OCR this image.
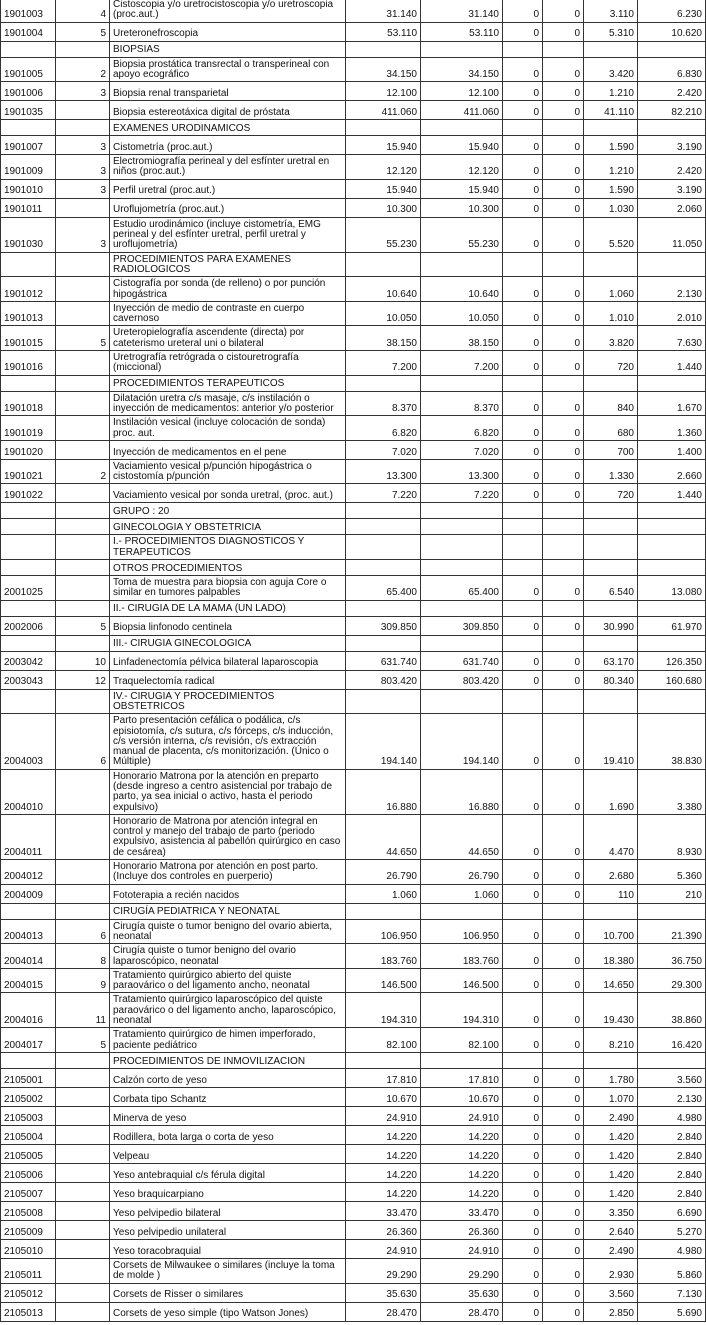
1901003	4	Cistoscopia y/o uretrocistoscopia y/o uretroscopia (proc.aut.)	31.140	31.140	0	0	3.110	6.230
1901004	5	Ureteronefroscopia	53.110	53.110	0	0	5.310	10.620
		BIOPSIAS						
1901005	2	Biopsia prostática transrectal o transperineal con apoyo ecográfico	34.150	34.150	0	0	3.420	6.830
1901006	3	Biopsia renal transparietal	12.100	12.100	0	0	1.210	2.420
1901035		Biopsia estereotáxica digital de próstata	411.060	411.060	0	0	41.110	82.210
		EXAMENES URODINAMICOS						
1901007	3	Cistometría (proc.aut.)	15.940	15.940	0	0	1.590	3.190
1901009	3	Electromiografía perineal y del esfínter uretral en niños (proc.aut.)	12.120	12.120	0	0	1.210	2.420
1901010	3	Perfil uretral (proc.aut.)	15.940	15.940	0	0	1.590	3.190
1901011		Uroflujometría (proc.aut.)	10.300	10.300	0	0	1.030	2.060
1901030	3	Estudio urodinámico (incluye cistometría, EMG perineal y del esfínter uretral, perfil uretral y uroflujometría)	55.230	55.230	0	0	5.520	11.050
		PROCEDIMIENTOS PARA EXAMENES RADIOLOGICOS						
1901012		Cistografía por sonda (de relleno) o por punción hipogástrica	10.640	10.640	0	0	1.060	2.130
1901013		Inyección de medio de contraste en cuerpo cavernoso	10.050	10.050	0	0	1.010	2.010
1901015	5	Ureteropielografía ascendente (directa) por cateterismo ureteral uni o bilateral	38.150	38.150	0	0	3.820	7.630
1901016		Uretrografía retrógrada o cistouretrografía (miccional)	7.200	7.200	0	0	720	1.440
		PROCEDIMIENTOS TERAPEUTICOS						
1901018		Dilatación uretra c/s masaje, c/s instilación o inyección de medicamentos: anterior y/o posterior	8.370	8.370	0	0	840	1.670
1901019		Instilación vesical (incluye colocación de sonda) proc. aut.	6.820	6.820	0	0	680	1.360
1901020		Inyección de medicamentos en el pene	7.020	7.020	0	0	700	1.400
1901021	2	Vaciamiento vesical p/punción hipogástrica o cistostomía p/punción	13.300	13.300	0	0	1.330	2.660
1901022		Vaciamiento vesical por sonda uretral, (proc. aut.)	7.220	7.220	0	0	720	1.440
		GRUPO : 20						
		GINECOLOGIA Y OBSTETRICIA						
		I.- PROCEDIMIENTOS DIAGNOSTICOS Y TERAPEUTICOS						
		OTROS PROCEDIMIENTOS						
2001025		Toma de muestra para biopsia con aguja Core o similar en tumores palpables	65.400	65.400	0	0	6.540	13.080
		II.- CIRUGIA DE LA MAMA (UN LADO)						
2002006	5	Biopsia linfonodo centinela	309.850	309.850	0	0	30.990	61.970
		III.- CIRUGIA GINECOLOGICA						
2003042	10	Linfadenectomía pélvica bilateral laparoscopia	631.740	631.740	0	0	63.170	126.350
2003043	12	Traquelectomía radical	803.420	803.420	0	0	80.340	160.680
		IV.- CIRUGIA Y PROCEDIMIENTOS OBSTETRICOS						
2004003	6	Parto presentación cefálica o podálica, c/s episiotomía, c/s sutura, c/s fórceps, c/s inducción, c/s versión interna, c/s revisión, c/s extracción manual de placenta, c/s monitorización. (Único o Múltiple)	194.140	194.140	0	0	19.410	38.830
2004010		Honorario Matrona por la atención en preparto (desde ingreso a centro asistencial por trabajo de parto, ya sea inicial o activo, hasta el periodo expulsivo)	16.880	16.880	0	0	1.690	3.380
2004011		Honorario de Matrona por atención integral en control y manejo del trabajo de parto (periodo expulsivo, asistencia al pabellón quirúrgico en caso de cesárea)	44.650	44.650	0	0	4.470	8.930
2004012		Honorario Matrona por atención en post parto. (Incluye dos controles en puerperio)	26.790	26.790	0	0	2.680	5.360
2004009		Fototerapia a recién nacidos	1.060	1.060	0	0	110	210
		CIRUGÍA PEDIATRICA Y NEONATAL						
2004013	6	Cirugía quiste o tumor benigno del ovario abierta, neonatal	106.950	106.950	0	0	10.700	21.390
2004014	8	Cirugía quiste o tumor benigno del ovario laparoscópico, neonatal	183.760	183.760	0	0	18.380	36.750
2004015	9	Tratamiento quirúrgico abierto del quiste paraovárico o del ligamento ancho, neonatal	146.500	146.500	0	0	14.650	29.300
2004016	11	Tratamiento quirúrgico laparoscópico del quiste paraovárico o del ligamento ancho, laparoscópico, neonatal	194.310	194.310	0	0	19.430	38.860
2004017	5	Tratamiento quirúrgico de himen imperforado, paciente pediátrico	82.100	82.100	0	0	8.210	16.420
		PROCEDIMIENTOS DE INMOVILIZACION						
2105001		Calzón corto de yeso	17.810	17.810	0	0	1.780	3.560
2105002		Corbata tipo Schantz	10.670	10.670	0	0	1.070	2.130
2105003		Minerva de yeso	24.910	24.910	0	0	2.490	4.980
2105004		Rodillera, bota larga o corta de yeso	14.220	14.220	0	0	1.420	2.840
2105005		Velpeau	14.220	14.220	0	0	1.420	2.840
2105006		Yeso antebraquial c/s férula digital	14.220	14.220	0	0	1.420	2.840
2105007		Yeso braquicarpiano	14.220	14.220	0	0	1.420	2.840
2105008		Yeso pelvipedio bilateral	33.470	33.470	0	0	3.350	6.690
2105009		Yeso pelvipedio unilateral	26.360	26.360	0	0	2.640	5.270
2105010		Yeso toracobraquial	24.910	24.910	0	0	2.490	4.980
2105011		Corsets de Milwaukee o similares (incluye la toma de molde )	29.290	29.290	0	0	2.930	5.860
2105012		Corsets de Risser o similares	35.630	35.630	0	0	3.560	7.130
2105013		Corsets de yeso simple (tipo Watson Jones)	28.470	28.470	0	0	2.850	5.690
